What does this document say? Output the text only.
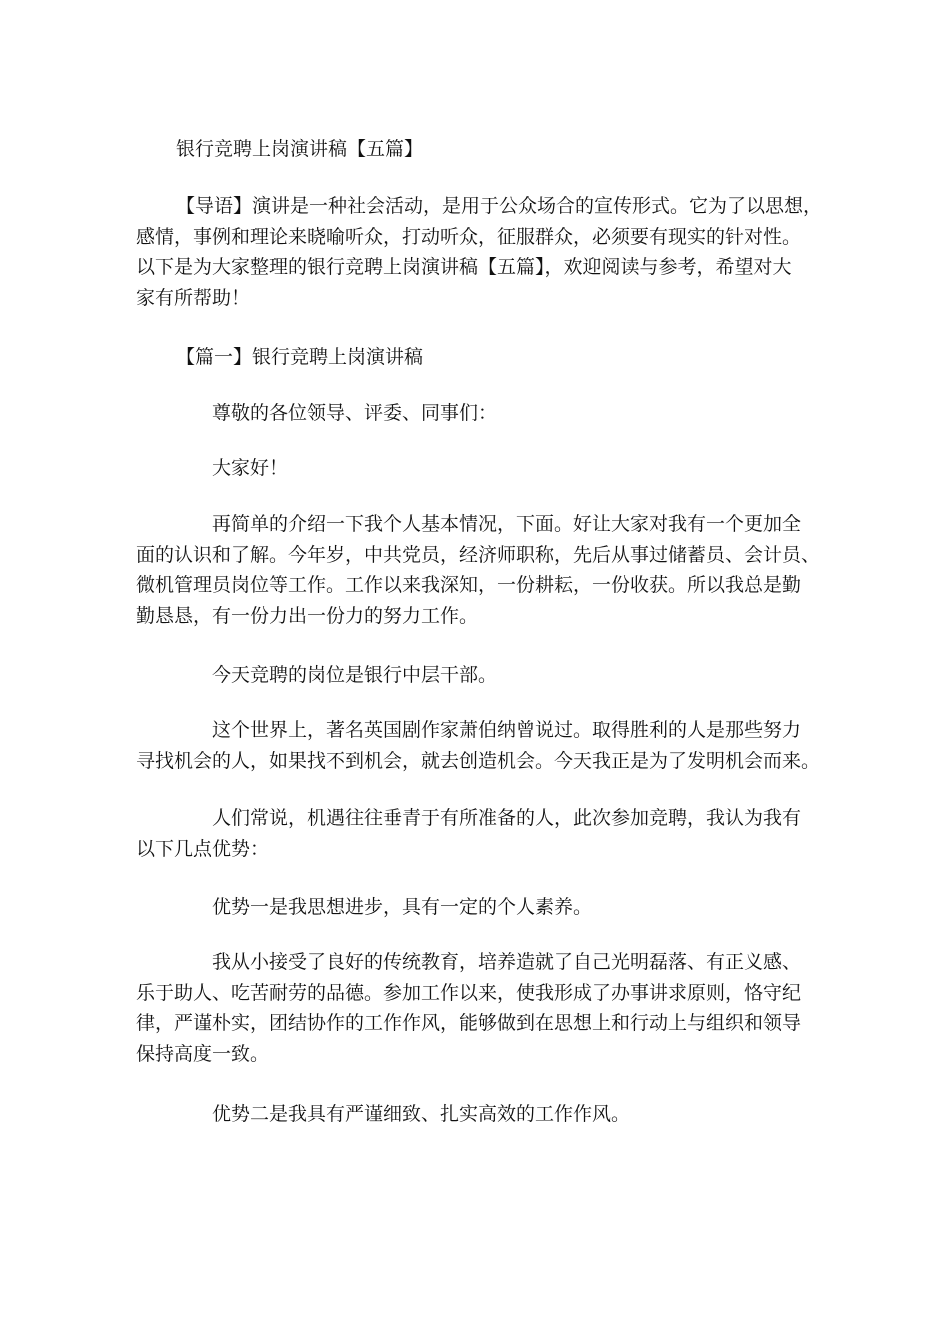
银行竞聘上岗演讲稿【五篇】

【导语】演讲是一种社会活动，是用于公众场合的宣传形式。它为了以思想，
感情，事例和理论来晓喻听众，打动听众，征服群众，必须要有现实的针对性。
以下是为大家整理的银行竞聘上岗演讲稿【五篇】，欢迎阅读与参考，希望对大
家有所帮助！

【篇一】银行竞聘上岗演讲稿

尊敬的各位领导、评委、同事们：

大家好！

再简单的介绍一下我个人基本情况，下面。好让大家对我有一个更加全
面的认识和了解。今年岁，中共党员，经济师职称，先后从事过储蓄员、会计员、
微机管理员岗位等工作。工作以来我深知，一份耕耘，一份收获。所以我总是勤
勤恳恳，有一份力出一份力的努力工作。

今天竞聘的岗位是银行中层干部。

这个世界上，著名英国剧作家萧伯纳曾说过。取得胜利的人是那些努力
寻找机会的人，如果找不到机会，就去创造机会。今天我正是为了发明机会而来。

人们常说，机遇往往垂青于有所准备的人，此次参加竞聘，我认为我有
以下几点优势：

优势一是我思想进步，具有一定的个人素养。

我从小接受了良好的传统教育，培养造就了自己光明磊落、有正义感、
乐于助人、吃苦耐劳的品德。参加工作以来，使我形成了办事讲求原则，恪守纪
律，严谨朴实，团结协作的工作作风，能够做到在思想上和行动上与组织和领导
保持高度一致。

优势二是我具有严谨细致、扎实高效的工作作风。
